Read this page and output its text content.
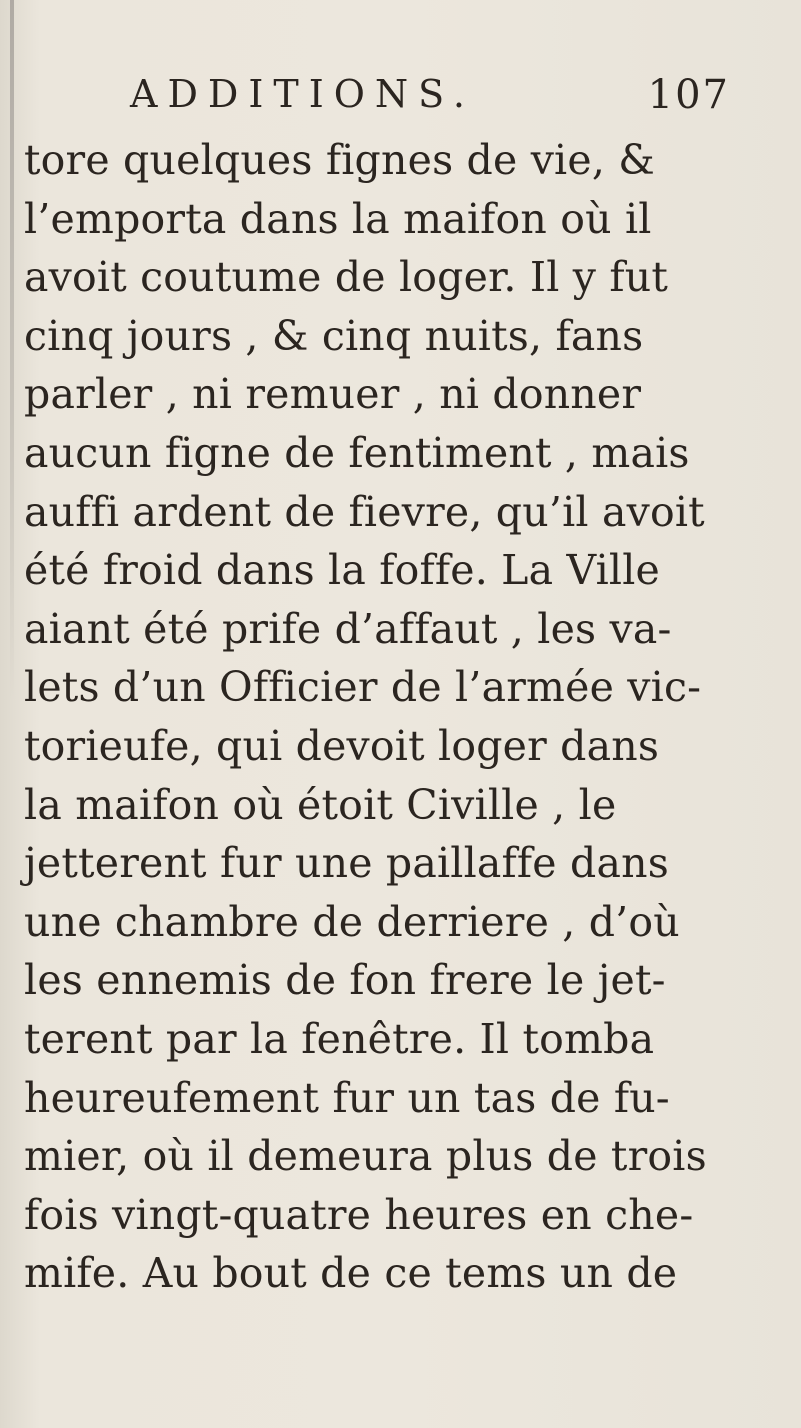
ADDITIONS.	107
tore quelques fignes de vie, &
l’emporta dans la maifon où il
avoit coutume de loger. Il y fut
cinq jours , & cinq nuits, fans
parler , ni remuer , ni donner
aucun figne de fentiment , mais
auffi ardent de fievre, qu’il avoit
été froid dans la foffe. La Ville
aiant été prife d’affaut , les va-
lets d’un Officier de l’armée vic-
torieufe, qui devoit loger dans
la maifon où étoit Civille , le
jetterent fur une paillaffe dans
une chambre de derriere , d’où
les ennemis de fon frere le jet-
terent par la fenêtre. Il tomba
heureufement fur un tas de fu-
mier, où il demeura plus de trois
fois vingt-quatre heures en che-
mife. Au bout de ce tems un de
